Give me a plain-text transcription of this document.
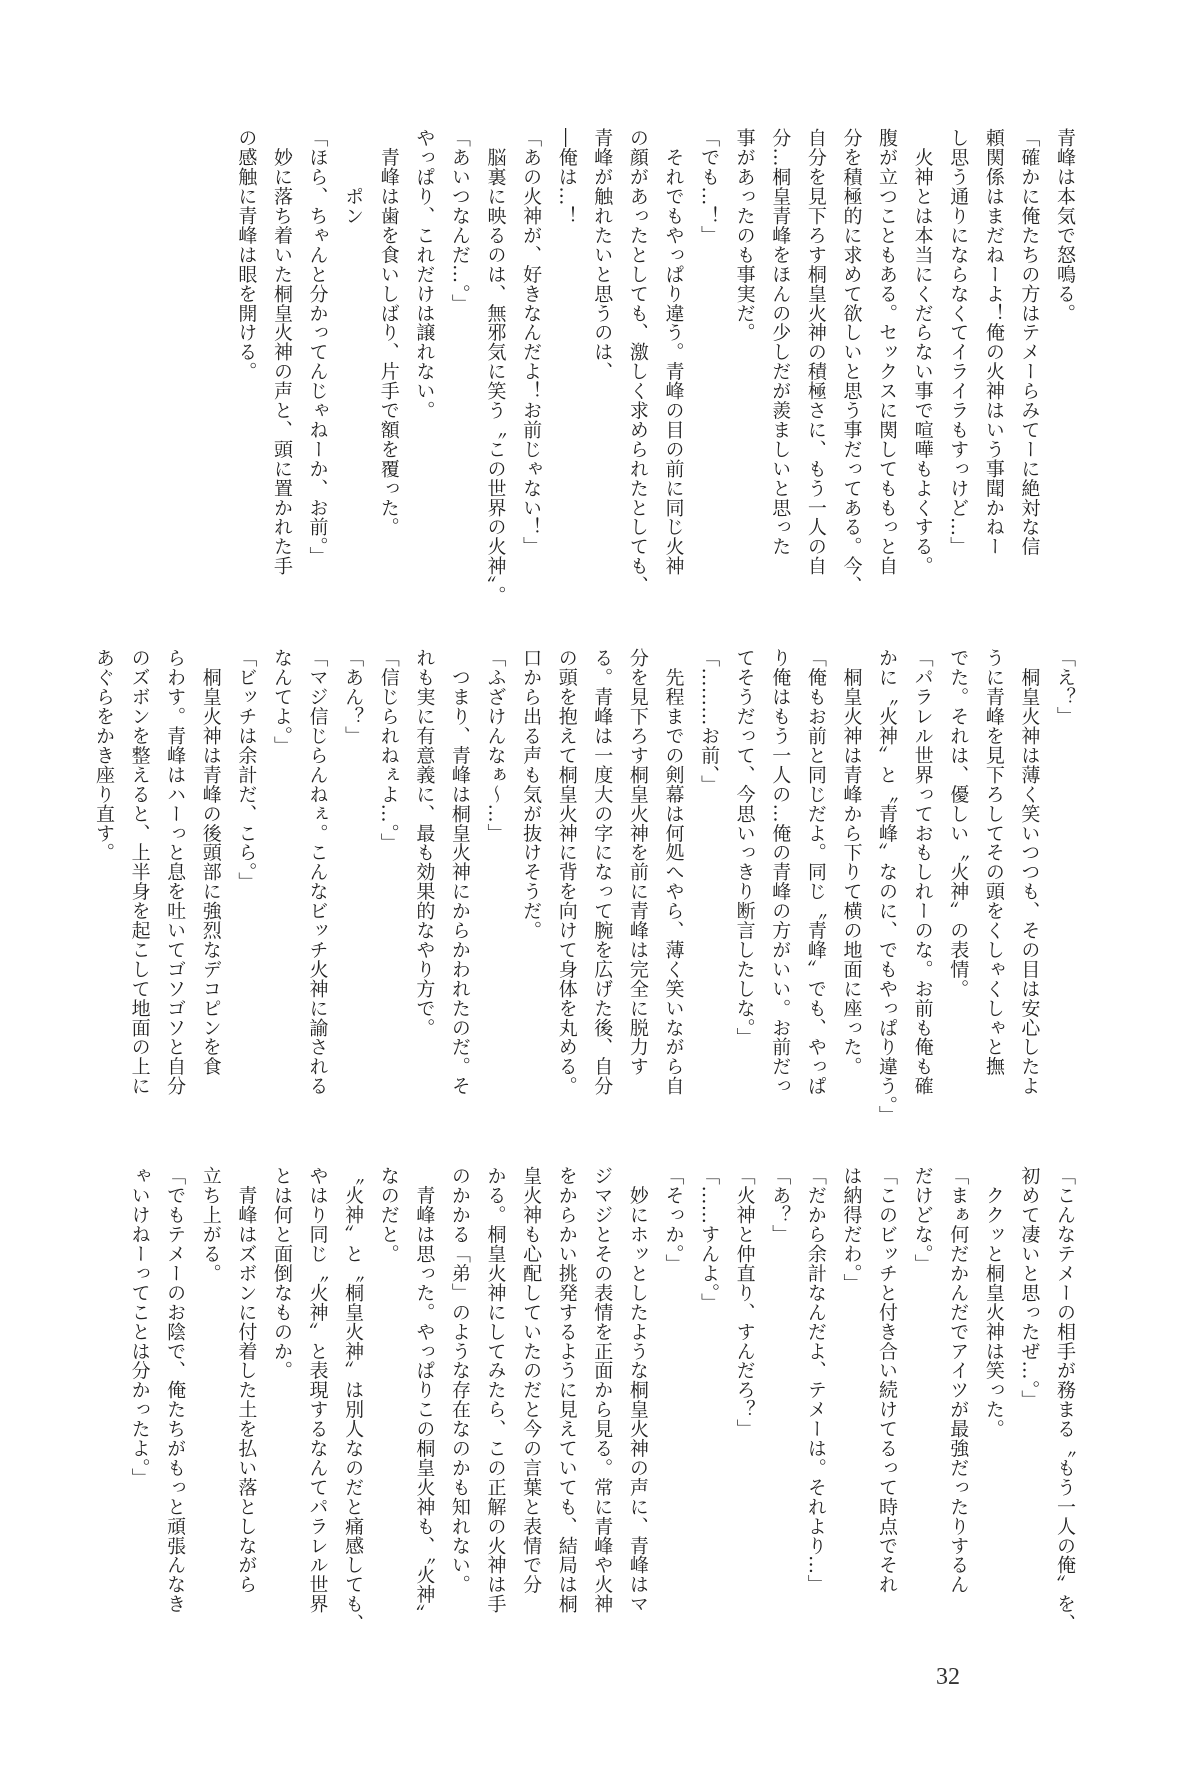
青峰は本気で怒鳴る。
「確かに俺たちの方はテメーらみてーに絶対な信
頼関係はまだねーよ！俺の火神はいう事聞かねー
し思う通りにならなくてイライラもすっけど…」
　火神とは本当にくだらない事で喧嘩もよくする。
腹が立つこともある。セックスに関してももっと自
分を積極的に求めて欲しいと思う事だってある。今、
自分を見下ろす桐皇火神の積極さに、もう一人の自
分…桐皇青峰をほんの少しだが羨ましいと思った
事があったのも事実だ。
「でも…！」
　それでもやっぱり違う。青峰の目の前に同じ火神
の顔があったとしても、激しく求められたとしても、
青峰が触れたいと思うのは、
―俺は…！
「あの火神が、好きなんだよ！お前じゃない！」
　脳裏に映るのは、無邪気に笑う〝この世界の火神〟。
「あいつなんだ…。」
やっぱり、これだけは譲れない。
　青峰は歯を食いしばり、片手で額を覆った。
　　　ポン
「ほら、ちゃんと分かってんじゃねーか、お前。」
　妙に落ち着いた桐皇火神の声と、頭に置かれた手
の感触に青峰は眼を開ける。
「え？」
　桐皇火神は薄く笑いつつも、その目は安心したよ
うに青峰を見下ろしてその頭をくしゃくしゃと撫
でた。それは、優しい〝火神〟の表情。
「パラレル世界っておもしれーのな。お前も俺も確
かに〝火神〟と〝青峰〟なのに、でもやっぱり違う。」
　桐皇火神は青峰から下りて横の地面に座った。
「俺もお前と同じだよ。同じ〝青峰〟でも、やっぱ
り俺はもう一人の…俺の青峰の方がいい。お前だっ
てそうだって、今思いっきり断言したしな。」
「………お前、」
　先程までの剣幕は何処へやら、薄く笑いながら自
分を見下ろす桐皇火神を前に青峰は完全に脱力す
る。青峰は一度大の字になって腕を広げた後、自分
の頭を抱えて桐皇火神に背を向けて身体を丸める。
口から出る声も気が抜けそうだ。
「ふざけんなぁ～…」
　つまり、青峰は桐皇火神にからかわれたのだ。そ
れも実に有意義に、最も効果的なやり方で。
「信じられねぇよ…。」
「あん？」
「マジ信じらんねぇ。こんなビッチ火神に諭される
なんてよ。」
「ビッチは余計だ、こら。」
　桐皇火神は青峰の後頭部に強烈なデコピンを食
らわす。青峰はハーっと息を吐いてゴソゴソと自分
のズボンを整えると、上半身を起こして地面の上に
あぐらをかき座り直す。
「こんなテメーの相手が務まる〝もう一人の俺〟を、
初めて凄いと思ったぜ…。」
　ククッと桐皇火神は笑った。
「まぁ何だかんだでアイツが最強だったりするん
だけどな。」
「このビッチと付き合い続けてるって時点でそれ
は納得だわ。」
「だから余計なんだよ、テメーは。それより…」
「あ？」
「火神と仲直り、すんだろ？」
「……すんよ。」
「そっか。」
　妙にホッとしたような桐皇火神の声に、青峰はマ
ジマジとその表情を正面から見る。常に青峰や火神
をからかい挑発するように見えていても、結局は桐
皇火神も心配していたのだと今の言葉と表情で分
かる。桐皇火神にしてみたら、この正解の火神は手
のかかる「弟」のような存在なのかも知れない。
　青峰は思った。やっぱりこの桐皇火神も、〝火神〟
なのだと。
〝火神〟と〝桐皇火神〟は別人なのだと痛感しても、
やはり同じ〝火神〟と表現するなんてパラレル世界
とは何と面倒なものか。
　青峰はズボンに付着した土を払い落としながら
立ち上がる。
「でもテメーのお陰で、俺たちがもっと頑張んなき
ゃいけねーってことは分かったよ。」
32
